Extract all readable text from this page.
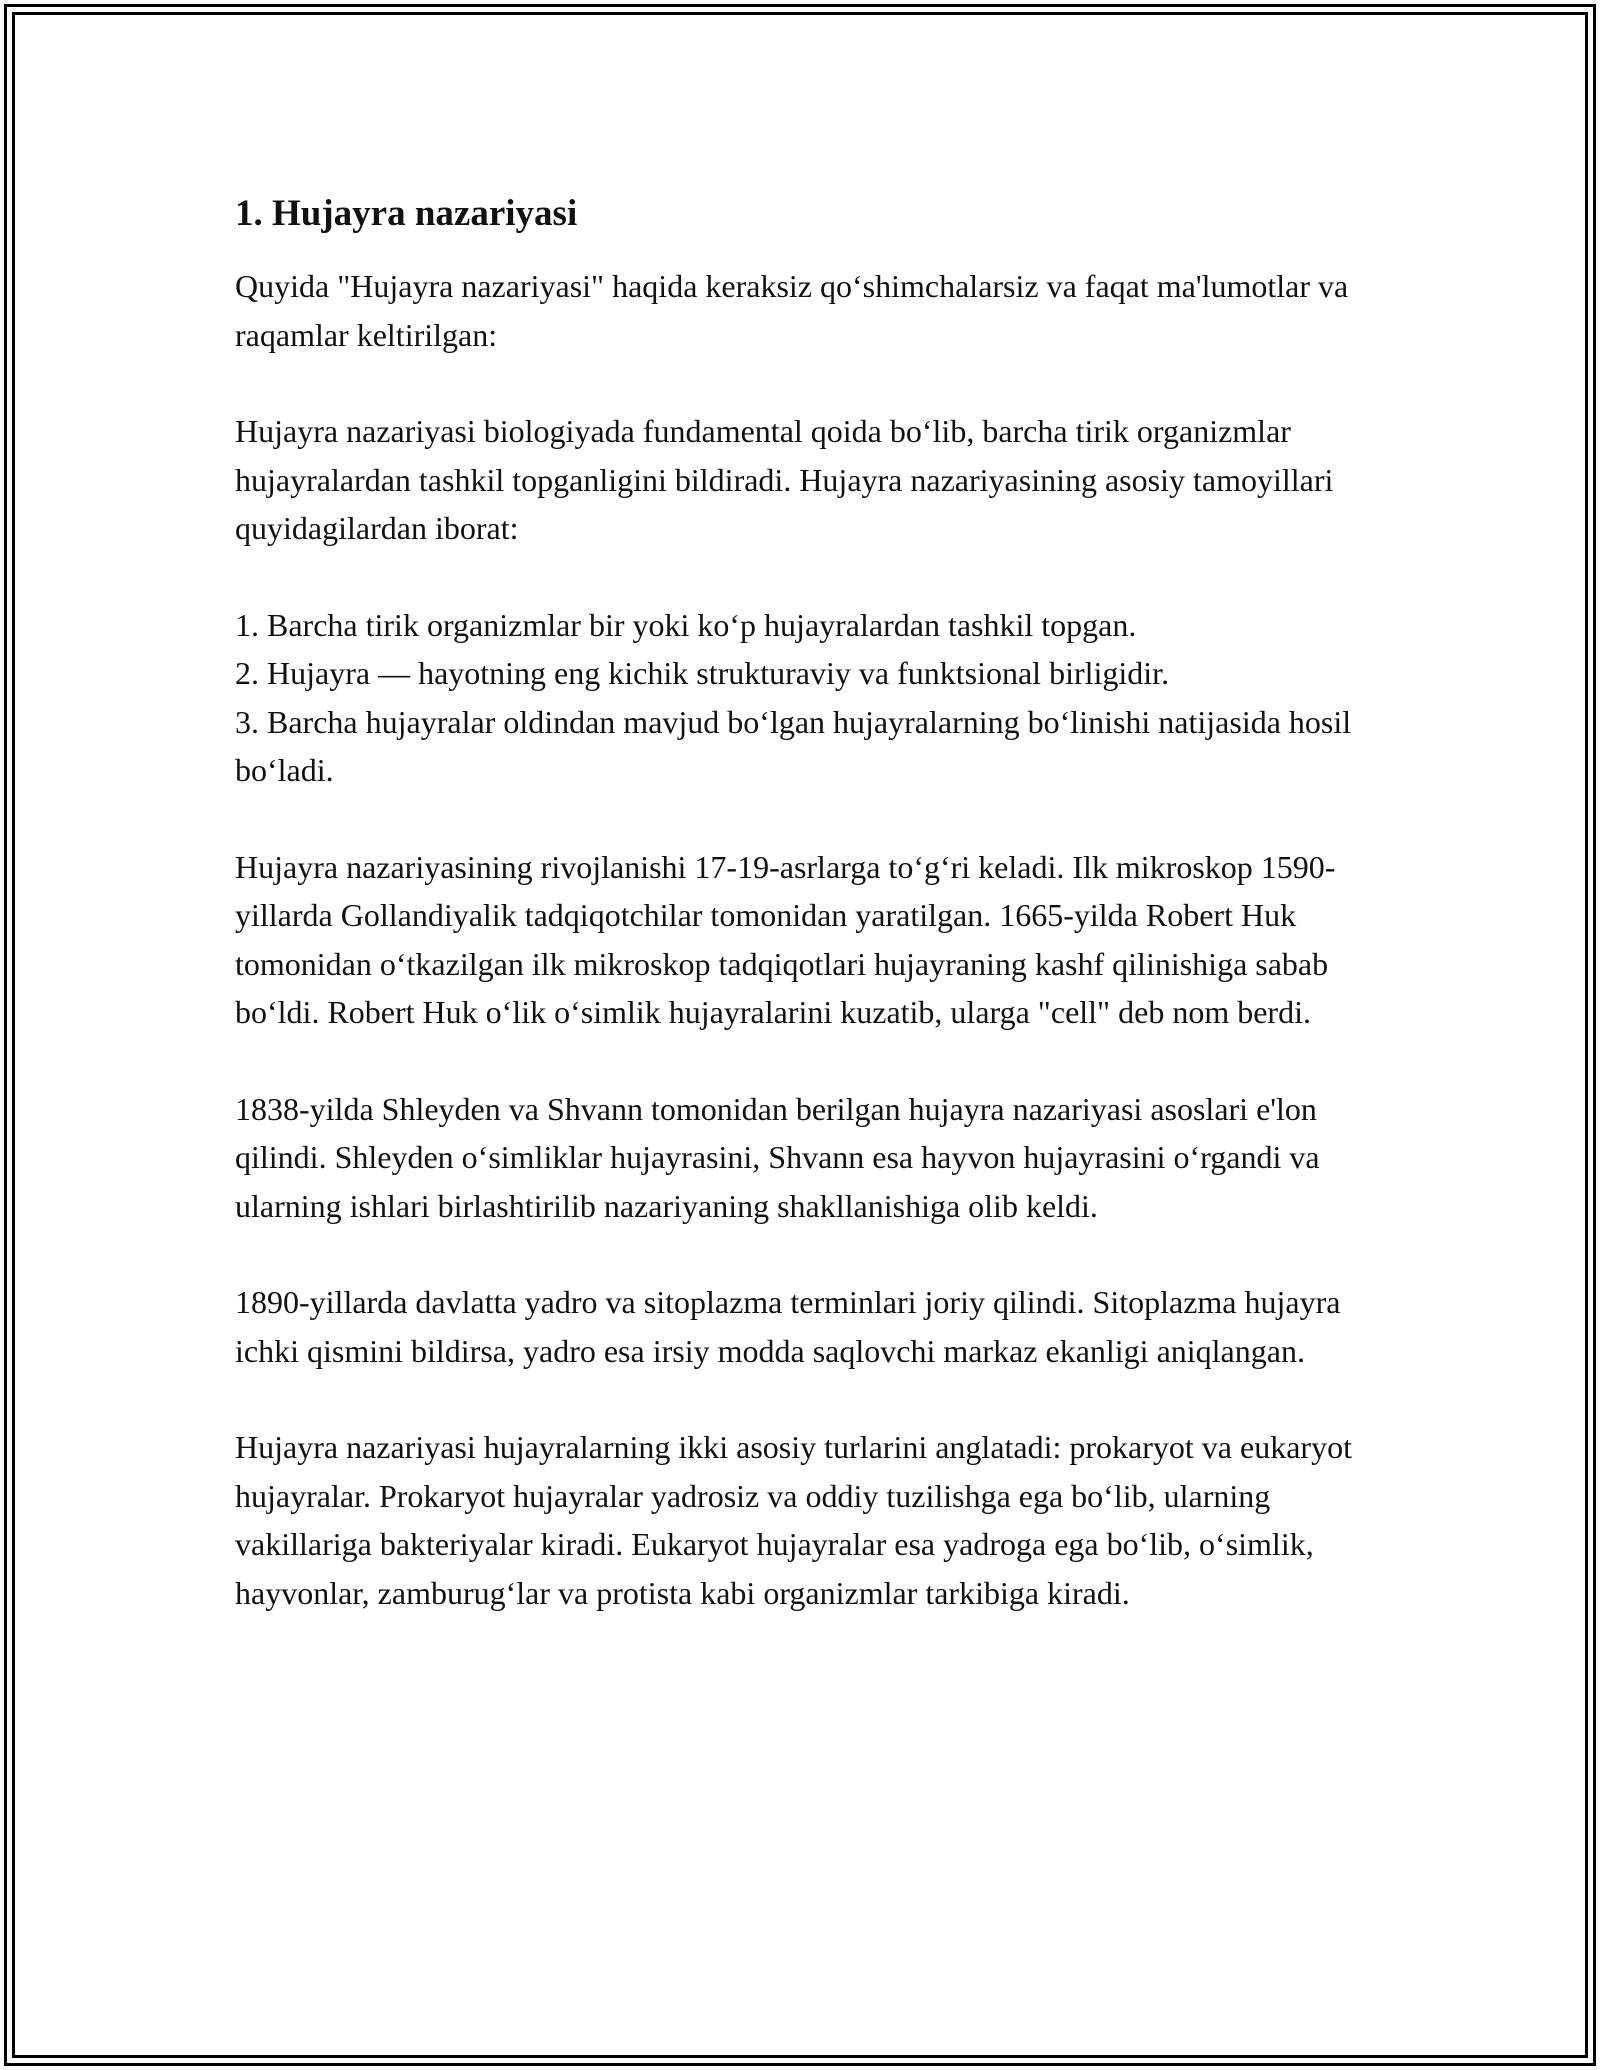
1. Hujayra nazariyasi

Quyida "Hujayra nazariyasi" haqida keraksiz qo‘shimchalarsiz va faqat ma'lumotlar va raqamlar keltirilgan:

Hujayra nazariyasi biologiyada fundamental qoida bo‘lib, barcha tirik organizmlar hujayralardan tashkil topganligini bildiradi. Hujayra nazariyasining asosiy tamoyillari quyidagilardan iborat:

1. Barcha tirik organizmlar bir yoki ko‘p hujayralardan tashkil topgan.
2. Hujayra — hayotning eng kichik strukturaviy va funktsional birligidir.
3. Barcha hujayralar oldindan mavjud bo‘lgan hujayralarning bo‘linishi natijasida hosil bo‘ladi.

Hujayra nazariyasining rivojlanishi 17-19-asrlarga to‘g‘ri keladi. Ilk mikroskop 1590-yillarda Gollandiyalik tadqiqotchilar tomonidan yaratilgan. 1665-yilda Robert Huk tomonidan o‘tkazilgan ilk mikroskop tadqiqotlari hujayraning kashf qilinishiga sabab bo‘ldi. Robert Huk o‘lik o‘simlik hujayralarini kuzatib, ularga "cell" deb nom berdi.

1838-yilda Shleyden va Shvann tomonidan berilgan hujayra nazariyasi asoslari e'lon qilindi. Shleyden o‘simliklar hujayrasini, Shvann esa hayvon hujayrasini o‘rgandi va ularning ishlari birlashtirilib nazariyaning shakllanishiga olib keldi.

1890-yillarda davlatta yadro va sitoplazma terminlari joriy qilindi. Sitoplazma hujayra ichki qismini bildirsa, yadro esa irsiy modda saqlovchi markaz ekanligi aniqlangan.

Hujayra nazariyasi hujayralarning ikki asosiy turlarini anglatadi: prokaryot va eukaryot hujayralar. Prokaryot hujayralar yadrosiz va oddiy tuzilishga ega bo‘lib, ularning vakillariga bakteriyalar kiradi. Eukaryot hujayralar esa yadroga ega bo‘lib, o‘simlik, hayvonlar, zamburug‘lar va protista kabi organizmlar tarkibiga kiradi.
